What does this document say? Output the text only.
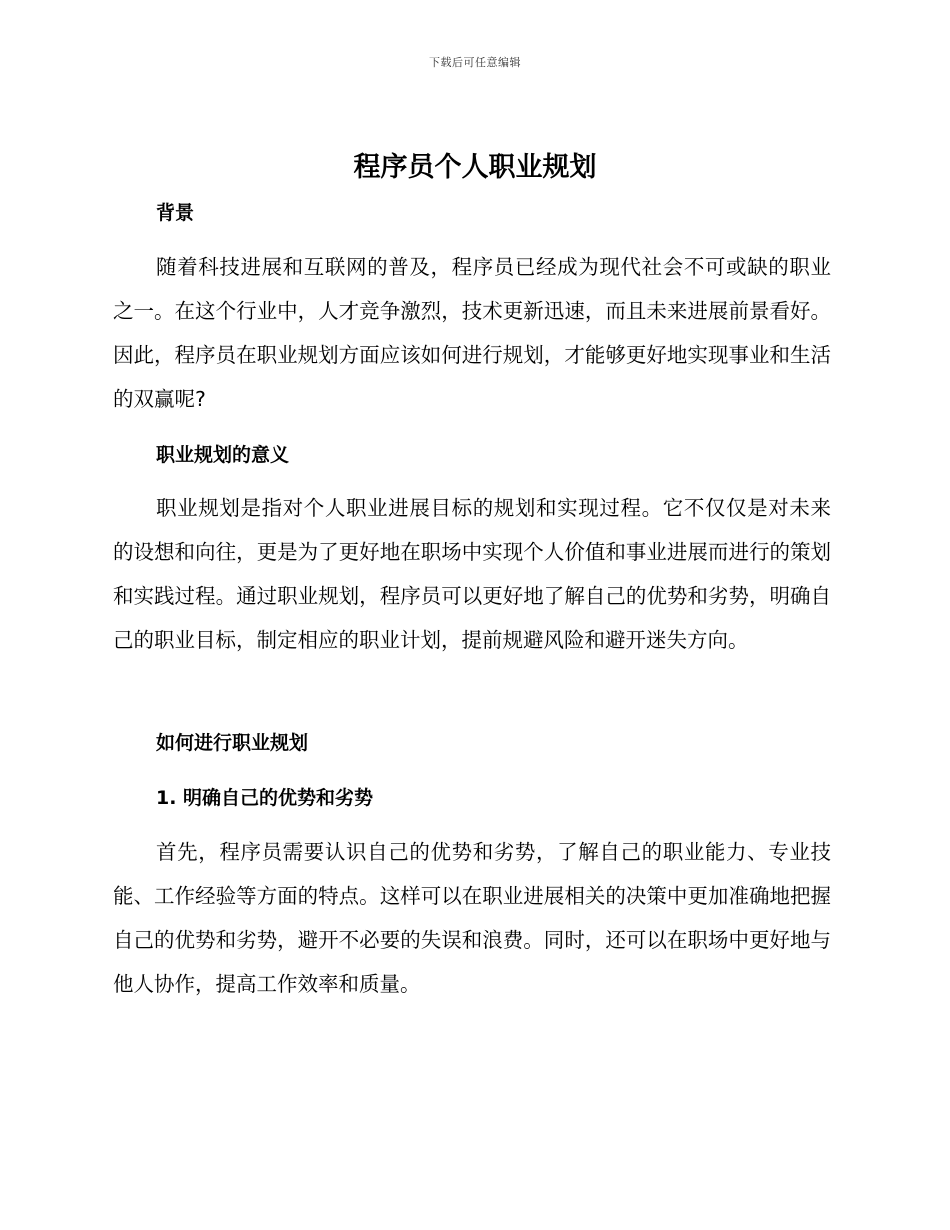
下载后可任意编辑
程序员个人职业规划
背景

随着科技进展和互联网的普及，程序员已经成为现代社会不可或缺的职业之一。在这个行业中，人才竞争激烈，技术更新迅速，而且未来进展前景看好。因此，程序员在职业规划方面应该如何进行规划，才能够更好地实现事业和生活的双赢呢?

职业规划的意义

职业规划是指对个人职业进展目标的规划和实现过程。它不仅仅是对未来的设想和向往，更是为了更好地在职场中实现个人价值和事业进展而进行的策划和实践过程。通过职业规划，程序员可以更好地了解自己的优势和劣势，明确自己的职业目标，制定相应的职业计划，提前规避风险和避开迷失方向。

如何进行职业规划
1. 明确自己的优势和劣势

首先，程序员需要认识自己的优势和劣势，了解自己的职业能力、专业技能、工作经验等方面的特点。这样可以在职业进展相关的决策中更加准确地把握自己的优势和劣势，避开不必要的失误和浪费。同时，还可以在职场中更好地与他人协作，提高工作效率和质量。
